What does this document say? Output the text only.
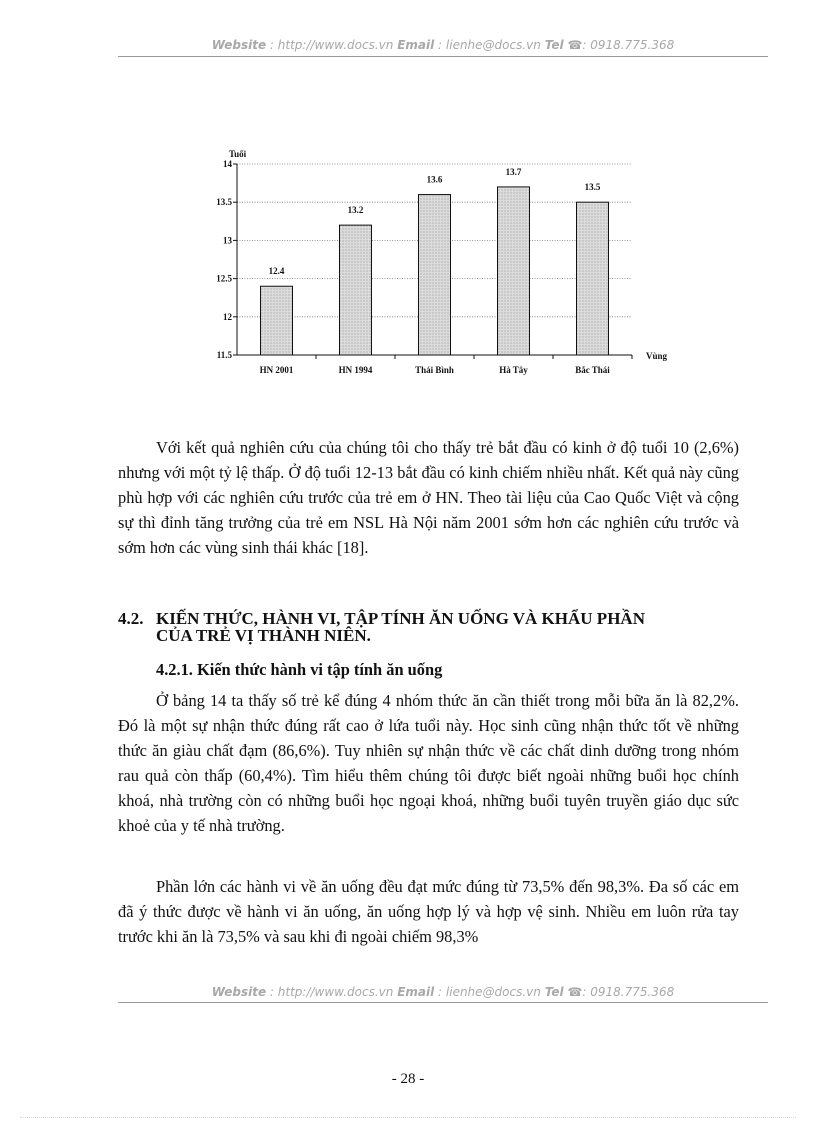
Website : http://www.docs.vn Email : lienhe@docs.vn Tel ☎: 0918.775.368
11.5
12
12.5
13
13.5
14
Tuổi
Vùng
12.4
HN 2001
13.2
HN 1994
13.6
Thái Bình
13.7
Hà Tây
13.5
Bắc Thái

Với kết quả nghiên cứu của chúng tôi cho thấy trẻ bắt đầu có kinh ở độ tuổi 10 (2,6%) nhưng với một tỷ lệ thấp. Ở độ tuổi 12-13 bắt đầu có kinh chiếm nhiều nhất. Kết quả này cũng phù hợp với các nghiên cứu trước của trẻ em ở HN. Theo tài liệu của Cao Quốc Việt và cộng sự thì đỉnh tăng trưởng của trẻ em NSL Hà Nội năm 2001 sớm hơn các nghiên cứu trước và sớm hơn các vùng sinh thái khác [18].

4.2. KIẾN THỨC, HÀNH VI, TẬP TÍNH ĂN UỐNG VÀ KHẨU PHẦN
CỦA TRẺ VỊ THÀNH NIÊN.
4.2.1. Kiến thức hành vi tập tính ăn uống

Ở bảng 14 ta thấy số trẻ kể đúng 4 nhóm thức ăn cần thiết trong mỗi bữa ăn là 82,2%. Đó là một sự nhận thức đúng rất cao ở lứa tuổi này. Học sinh cũng nhận thức tốt về những thức ăn giàu chất đạm (86,6%). Tuy nhiên sự nhận thức về các chất dinh dưỡng trong nhóm rau quả còn thấp (60,4%). Tìm hiểu thêm chúng tôi được biết ngoài những buổi học chính khoá, nhà trường còn có những buổi học ngoại khoá, những buổi tuyên truyền giáo dục sức khoẻ của y tế nhà trường.

Phần lớn các hành vi về ăn uống đều đạt mức đúng từ 73,5% đến 98,3%. Đa số các em đã ý thức được về hành vi ăn uống, ăn uống hợp lý và hợp vệ sinh. Nhiều em luôn rửa tay trước khi ăn là 73,5% và sau khi đi ngoài chiếm 98,3%

Website : http://www.docs.vn Email : lienhe@docs.vn Tel ☎: 0918.775.368
- 28 -
